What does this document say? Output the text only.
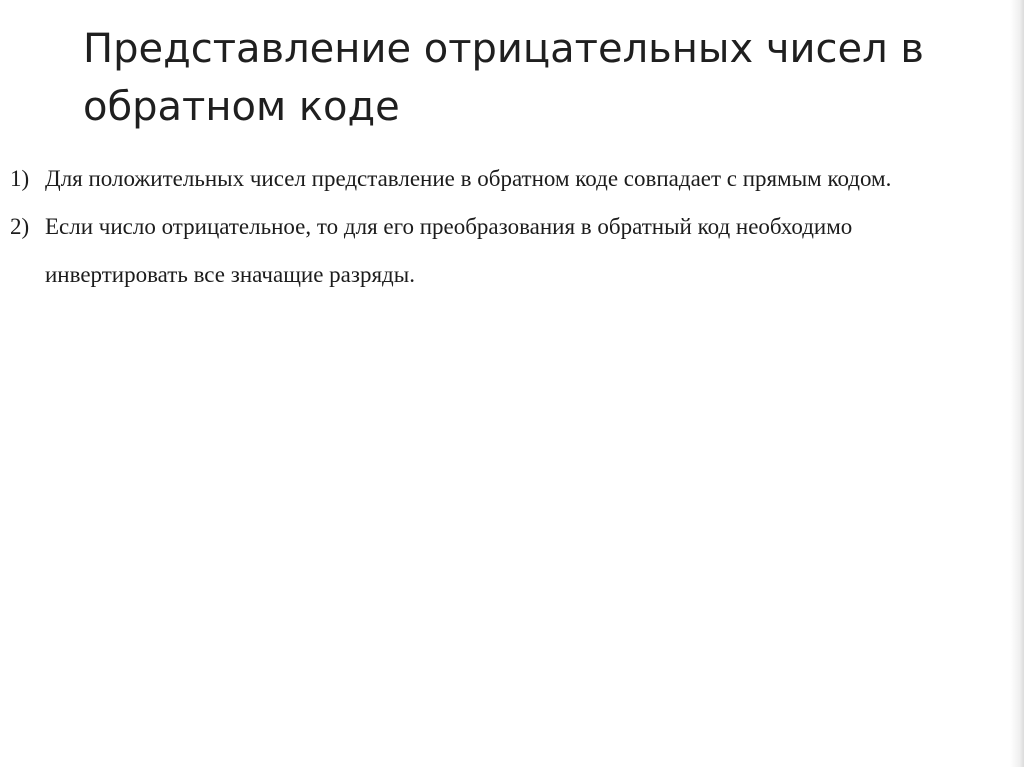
Представление отрицательных чисел в обратном коде
1) Для положительных чисел представление в обратном коде совпадает с прямым кодом.
2) Если число отрицательное, то для его преобразования в обратный код необходимо инвертировать все значащие разряды.
